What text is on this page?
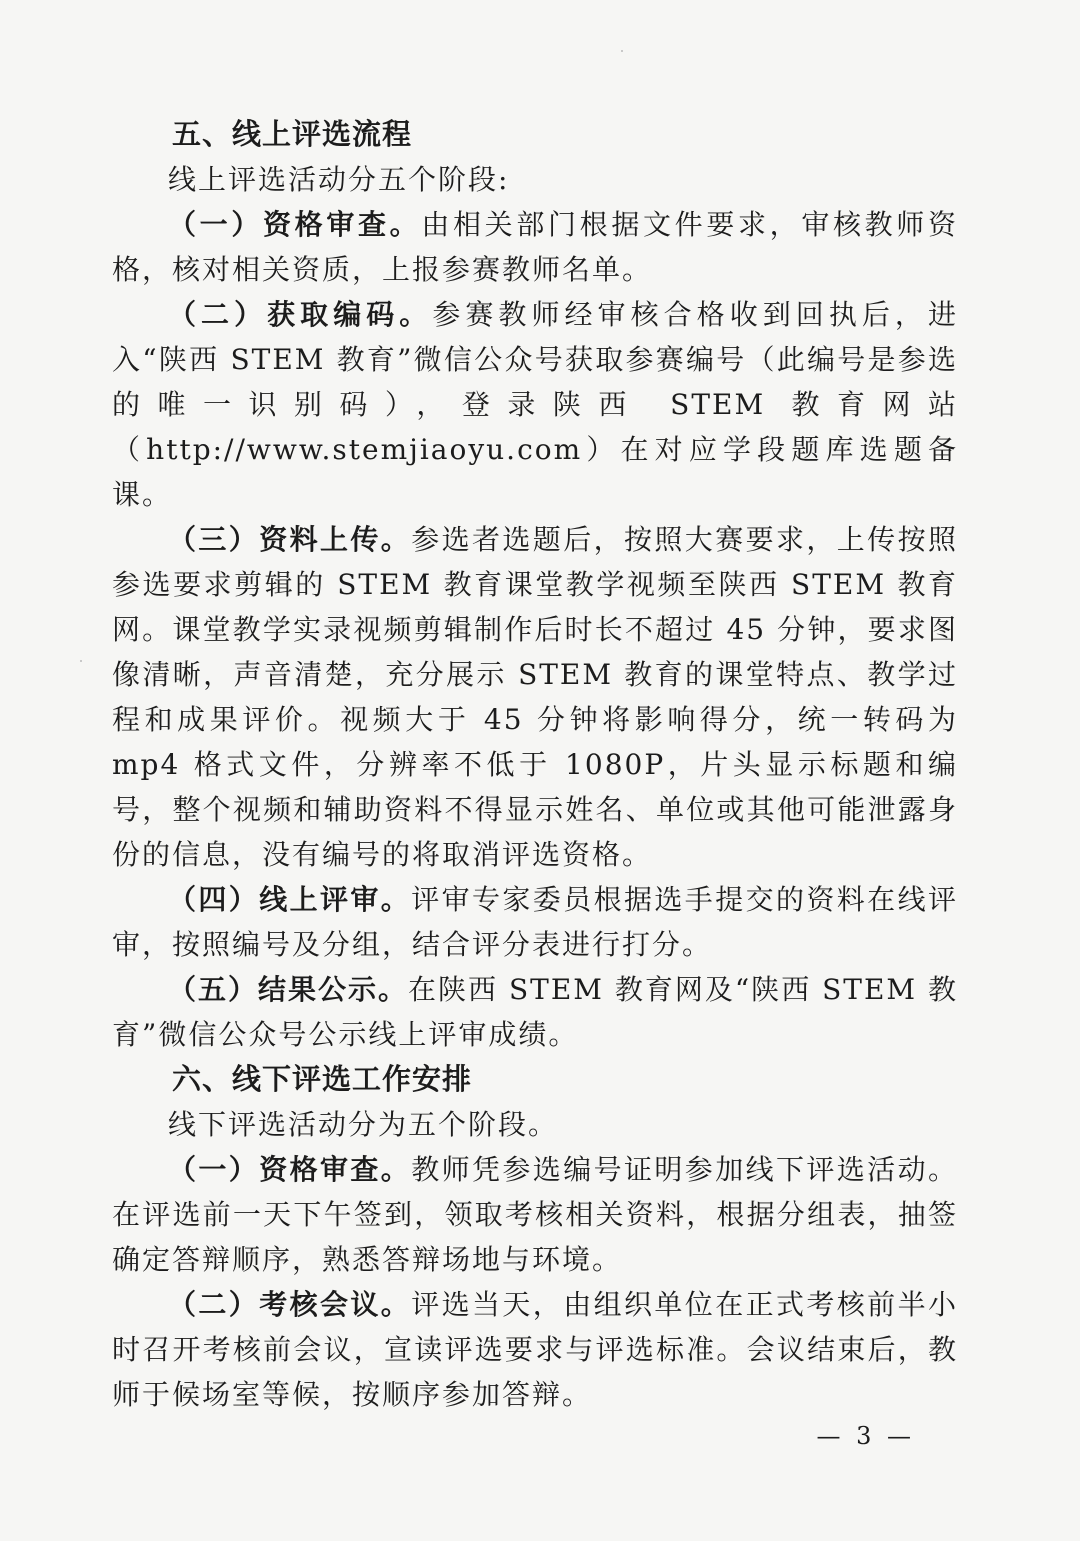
五、线上评选流程

线上评选活动分五个阶段:

（一）资格审查。由相关部门根据文件要求，审核教师资格，核对相关资质，上报参赛教师名单。

（二）获取编码。参赛教师经审核合格收到回执后，进入“陕西 STEM 教育”微信公众号获取参赛编号（此编号是参选的唯一识别码），登录陕西 STEM 教育网站（http://www.stemjiaoyu.com）在对应学段题库选题备课。

（三）资料上传。参选者选题后，按照大赛要求，上传按照参选要求剪辑的 STEM 教育课堂教学视频至陕西 STEM 教育网。课堂教学实录视频剪辑制作后时长不超过 45 分钟，要求图像清晰，声音清楚，充分展示 STEM 教育的课堂特点、教学过程和成果评价。视频大于 45 分钟将影响得分，统一转码为 mp4 格式文件，分辨率不低于 1080P，片头显示标题和编号，整个视频和辅助资料不得显示姓名、单位或其他可能泄露身份的信息，没有编号的将取消评选资格。

（四）线上评审。评审专家委员根据选手提交的资料在线评审，按照编号及分组，结合评分表进行打分。

（五）结果公示。在陕西 STEM 教育网及“陕西 STEM 教育”微信公众号公示线上评审成绩。

六、线下评选工作安排

线下评选活动分为五个阶段。

（一）资格审查。教师凭参选编号证明参加线下评选活动。在评选前一天下午签到，领取考核相关资料，根据分组表，抽签确定答辩顺序，熟悉答辩场地与环境。

（二）考核会议。评选当天，由组织单位在正式考核前半小时召开考核前会议，宣读评选要求与评选标准。会议结束后，教师于候场室等候，按顺序参加答辩。

— 3 —
